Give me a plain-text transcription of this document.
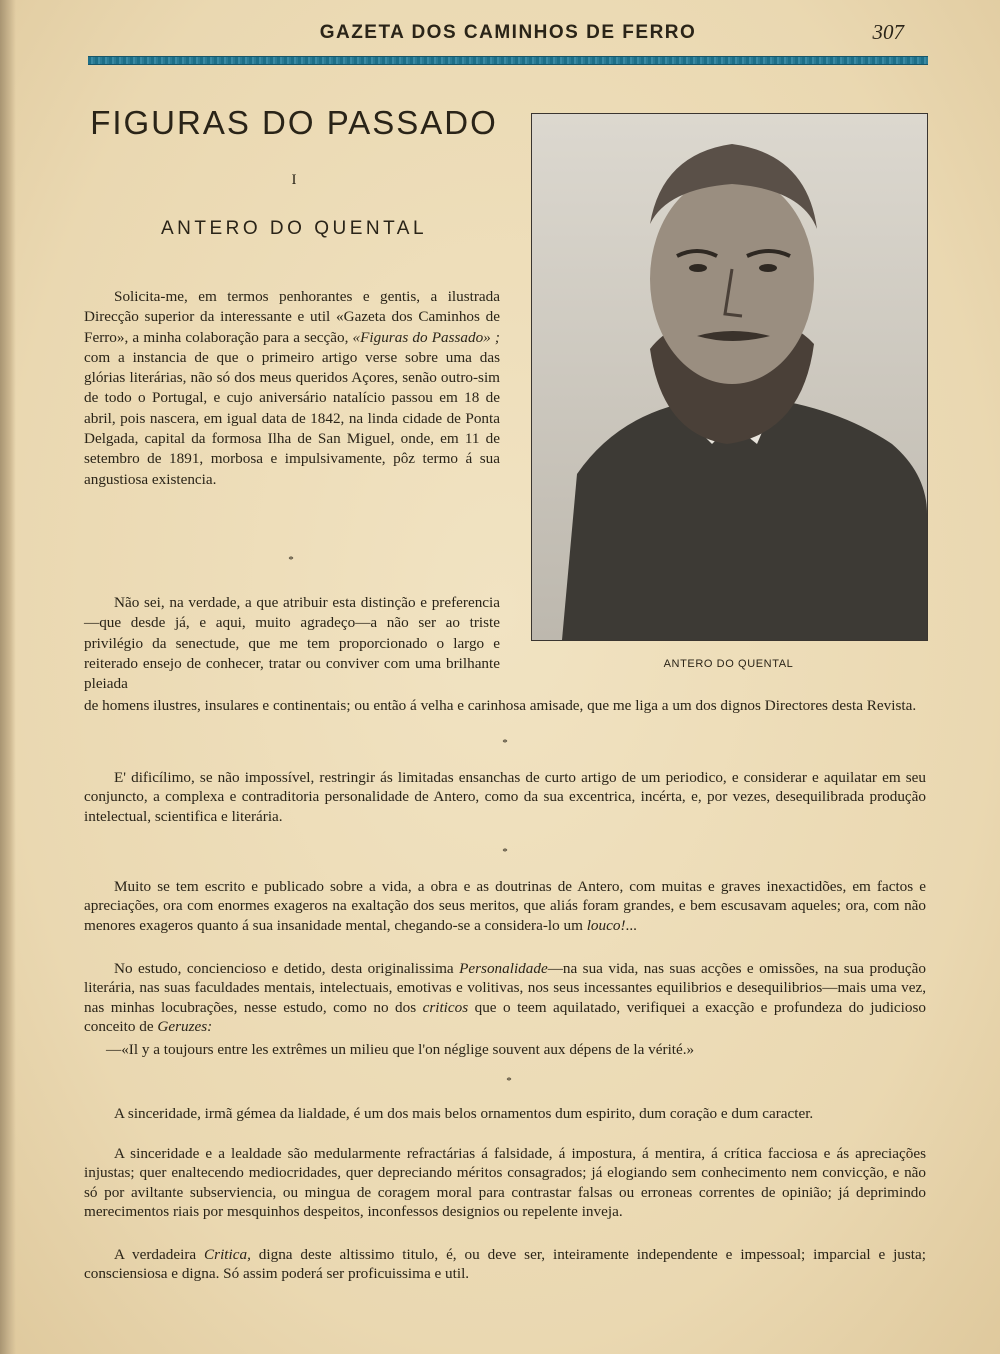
GAZETA DOS CAMINHOS DE FERRO	307
FIGURAS DO PASSADO
I
ANTERO DO QUENTAL
ANTERO DO QUENTAL

Solicita-me, em termos penhorantes e gentis, a ilustrada Direcção superior da interessante e util «Gazeta dos Caminhos de Ferro», a minha colaboração para a secção, «Figuras do Passado» ; com a instancia de que o primeiro artigo verse sobre uma das glórias literárias, não só dos meus queridos Açores, senão outro-sim de todo o Portugal, e cujo aniversário natalício passou em 18 de abril, pois nascera, em igual data de 1842, na linda cidade de Ponta Delgada, capital da formosa Ilha de San Miguel, onde, em 11 de setembro de 1891, morbosa e impulsivamente, pôz termo á sua angustiosa existencia.

*

Não sei, na verdade, a que atribuir esta distinção e preferencia—que desde já, e aqui, muito agradeço—a não ser ao triste privilégio da senectude, que me tem proporcionado o largo e reiterado ensejo de conhecer, tratar ou conviver com uma brilhante pleiada

de homens ilustres, insulares e continentais; ou então á velha e carinhosa amisade, que me liga a um dos dignos Directores desta Revista.

*

E' dificílimo, se não impossível, restringir ás limitadas ensanchas de curto artigo de um periodico, e considerar e aquilatar em seu conjuncto, a complexa e contraditoria personalidade de Antero, como da sua excentrica, incérta, e, por vezes, desequilibrada produção intelectual, scientifica e literária.

*

Muito se tem escrito e publicado sobre a vida, a obra e as doutrinas de Antero, com muitas e graves inexactidões, em factos e apreciações, ora com enormes exageros na exaltação dos seus meritos, que aliás foram grandes, e bem escusavam aqueles; ora, com não menores exageros quanto á sua insanidade mental, chegando-se a considera-lo um louco!...

No estudo, conciencioso e detido, desta originalissima Personalidade—na sua vida, nas suas acções e omissões, na sua produção literária, nas suas faculdades mentais, intelectuais, emotivas e volitivas, nos seus incessantes equilibrios e desequilibrios—mais uma vez, nas minhas locubrações, nesse estudo, como no dos criticos que o teem aquilatado, verifiquei a exacção e profundeza do judicioso conceito de Geruzes:

—«Il y a toujours entre les extrêmes un milieu que l'on néglige souvent aux dépens de la vérité.»

*

A sinceridade, irmã gémea da lialdade, é um dos mais belos ornamentos dum espirito, dum coração e dum caracter.

A sinceridade e a lealdade são medularmente refractárias á falsidade, á impostura, á mentira, á crítica facciosa e ás apreciações injustas; quer enaltecendo mediocridades, quer depreciando méritos consagrados; já elogiando sem conhecimento nem convicção, e não só por aviltante subserviencia, ou mingua de coragem moral para contrastar falsas ou erroneas correntes de opinião; já deprimindo merecimentos riais por mesquinhos despeitos, inconfessos designios ou repelente inveja.

A verdadeira Critica, digna deste altissimo titulo, é, ou deve ser, inteiramente independente e impessoal; imparcial e justa; consciensiosa e digna. Só assim poderá ser proficuissima e util.
